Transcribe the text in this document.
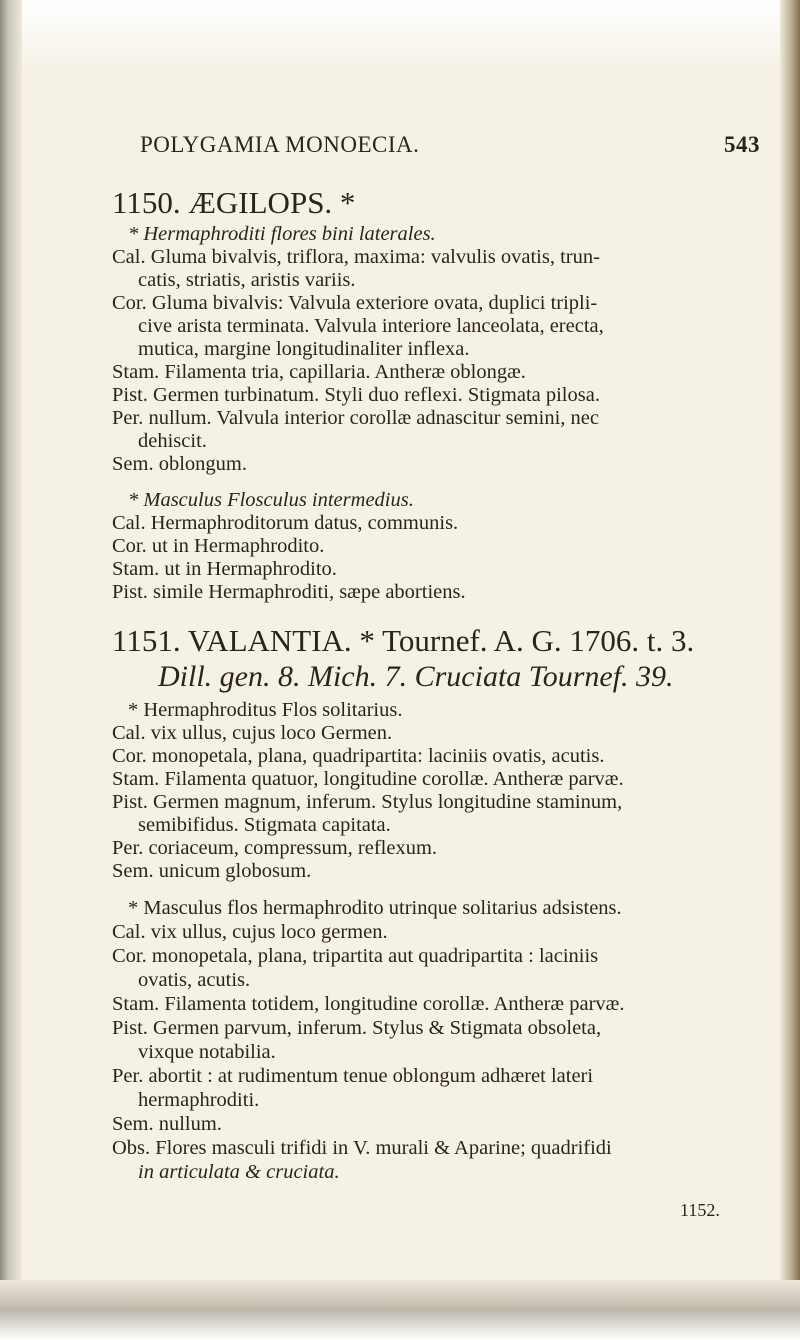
POLYGAMIA MONOECIA.	543
1150. ÆGILOPS. *
* Hermaphroditi flores bini laterales.
Cal. Gluma bivalvis, triflora, maxima: valvulis ovatis, trun-
catis, striatis, aristis variis.
Cor. Gluma bivalvis: Valvula exteriore ovata, duplici tripli-
cive arista terminata. Valvula interiore lanceolata, erecta,
mutica, margine longitudinaliter inflexa.
Stam. Filamenta tria, capillaria. Antheræ oblongæ.
Pist. Germen turbinatum. Styli duo reflexi. Stigmata pilosa.
Per. nullum. Valvula interior corollæ adnascitur semini, nec
dehiscit.
Sem. oblongum.
* Masculus Flosculus intermedius.
Cal. Hermaphroditorum datus, communis.
Cor. ut in Hermaphrodito.
Stam. ut in Hermaphrodito.
Pist. simile Hermaphroditi, sæpe abortiens.
1151. VALANTIA. * Tournef. A. G. 1706. t. 3.
Dill. gen. 8. Mich. 7. Cruciata Tournef. 39.
* Hermaphroditus Flos solitarius.
Cal. vix ullus, cujus loco Germen.
Cor. monopetala, plana, quadripartita: laciniis ovatis, acutis.
Stam. Filamenta quatuor, longitudine corollæ. Antheræ parvæ.
Pist. Germen magnum, inferum. Stylus longitudine staminum,
semibifidus. Stigmata capitata.
Per. coriaceum, compressum, reflexum.
Sem. unicum globosum.
* Masculus flos hermaphrodito utrinque solitarius adsistens.
Cal. vix ullus, cujus loco germen.
Cor. monopetala, plana, tripartita aut quadripartita : laciniis
ovatis, acutis.
Stam. Filamenta totidem, longitudine corollæ. Antheræ parvæ.
Pist. Germen parvum, inferum. Stylus & Stigmata obsoleta,
vixque notabilia.
Per. abortit : at rudimentum tenue oblongum adhæret lateri
hermaphroditi.
Sem. nullum.
Obs. Flores masculi trifidi in V. murali & Aparine; quadrifidi
in articulata & cruciata.
1152.
